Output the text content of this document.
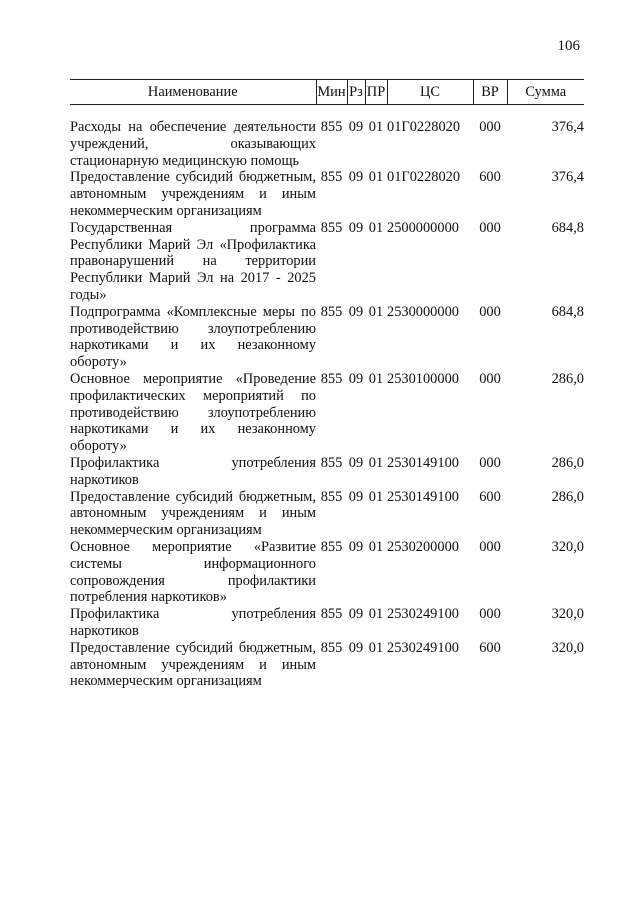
106
Наименование	Мин	Рз	ПР	ЦС	ВР	Сумма

Расходы на обеспечение деятельности учреждений, оказывающих стационарную медицинскую помощь	855	09	01	01Г0228020	000	376,4
Предоставление субсидий бюджетным, автономным учреждениям и иным некоммерческим организациям	855	09	01	01Г0228020	600	376,4
Государственная программа Республики Марий Эл «Профилактика правонарушений на территории Республики Марий Эл на 2017 - 2025 годы»	855	09	01	2500000000	000	684,8
Подпрограмма «Комплексные меры по противодействию злоупотреблению наркотиками и их незаконному обороту»	855	09	01	2530000000	000	684,8
Основное мероприятие «Проведение профилактических мероприятий по противодействию злоупотреблению наркотиками и их незаконному обороту»	855	09	01	2530100000	000	286,0
Профилактика употребления наркотиков	855	09	01	2530149100	000	286,0
Предоставление субсидий бюджетным, автономным учреждениям и иным некоммерческим организациям	855	09	01	2530149100	600	286,0
Основное мероприятие «Развитие системы информационного сопровождения профилактики потребления наркотиков»	855	09	01	2530200000	000	320,0
Профилактика употребления наркотиков	855	09	01	2530249100	000	320,0
Предоставление субсидий бюджетным, автономным учреждениям и иным некоммерческим организациям	855	09	01	2530249100	600	320,0
